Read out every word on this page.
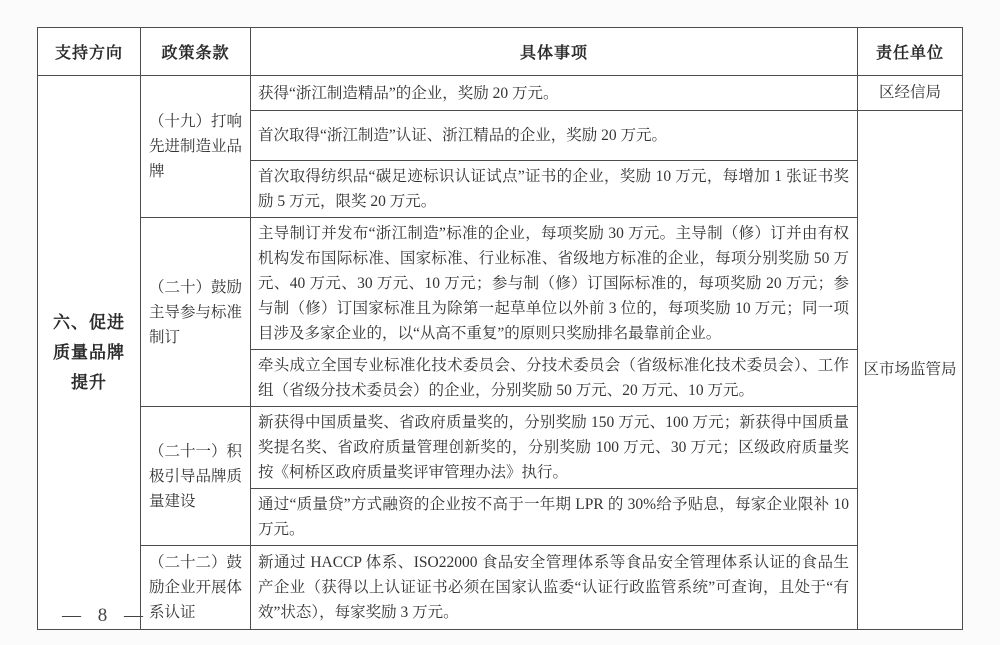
支持方向	政策条款	具体事项	责任单位
六、促进质量品牌提升	（十九）打响先进制造业品牌	获得“浙江制造精品”的企业，奖励 20 万元。	区经信局
		首次取得“浙江制造”认证、浙江精品的企业，奖励 20 万元。	区市场监管局
		首次取得纺织品“碳足迹标识认证试点”证书的企业，奖励 10 万元，每增加 1 张证书奖励 5 万元，限奖 20 万元。	
	（二十）鼓励主导参与标准制订	主导制订并发布“浙江制造”标准的企业，每项奖励 30 万元。主导制（修）订并由有权机构发布国际标准、国家标准、行业标准、省级地方标准的企业，每项分别奖励 50 万元、40 万元、30 万元、10 万元；参与制（修）订国际标准的，每项奖励 20 万元；参与制（修）订国家标准且为除第一起草单位以外前 3 位的，每项奖励 10 万元；同一项目涉及多家企业的，以“从高不重复”的原则只奖励排名最靠前企业。	
		牵头成立全国专业标准化技术委员会、分技术委员会（省级标准化技术委员会）、工作组（省级分技术委员会）的企业，分别奖励 50 万元、20 万元、10 万元。	
	（二十一）积极引导品牌质量建设	新获得中国质量奖、省政府质量奖的，分别奖励 150 万元、100 万元；新获得中国质量奖提名奖、省政府质量管理创新奖的，分别奖励 100 万元、30 万元；区级政府质量奖按《柯桥区政府质量奖评审管理办法》执行。	
		通过“质量贷”方式融资的企业按不高于一年期 LPR 的 30%给予贴息，每家企业限补 10 万元。	
	（二十二）鼓励企业开展体系认证	新通过 HACCP 体系、ISO22000 食品安全管理体系等食品安全管理体系认证的食品生产企业（获得以上认证证书必须在国家认监委“认证行政监管系统”可查询，且处于“有效”状态），每家奖励 3 万元。	
— 8 —
